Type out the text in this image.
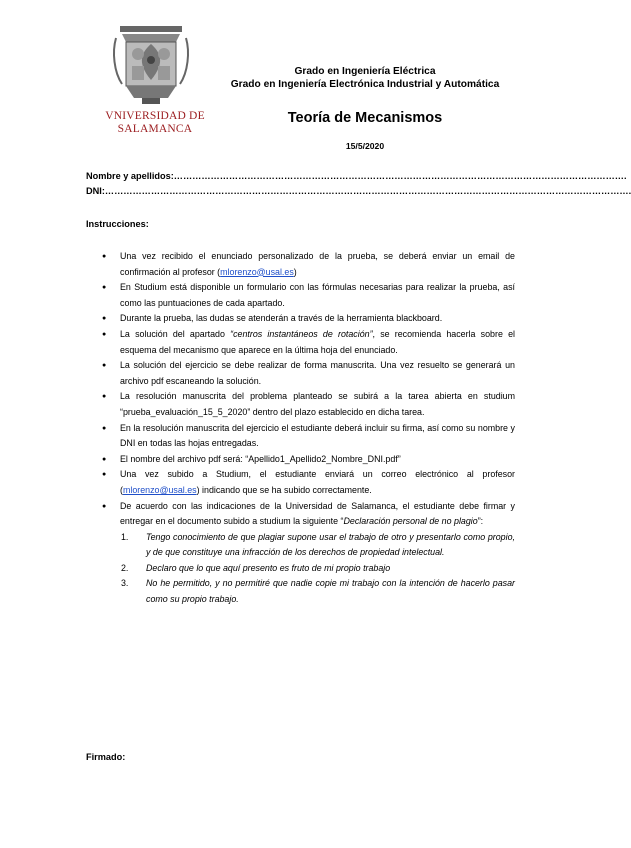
VNIVERSIDAD DE
SALAMANCA
Grado en Ingeniería Eléctrica
Grado en Ingeniería Electrónica Industrial y Automática
Teoría de Mecanismos
15/5/2020
Nombre y apellidos:………………………………………………………………………………………………………………………………….
DNI:……………………………………………………………………………………………………………………………………………………….
Instrucciones:
● Una vez recibido el enunciado personalizado de la prueba, se deberá enviar un email de confirmación al profesor (mlorenzo@usal.es)
● En Studium está disponible un formulario con las fórmulas necesarias para realizar la prueba, así como las puntuaciones de cada apartado.
● Durante la prueba, las dudas se atenderán a través de la herramienta blackboard.
● La solución del apartado “centros instantáneos de rotación”, se recomienda hacerla sobre el esquema del mecanismo que aparece en la última hoja del enunciado.
● La solución del ejercicio se debe realizar de forma manuscrita. Una vez resuelto se generará un archivo pdf escaneando la solución.
● La resolución manuscrita del problema planteado se subirá a la tarea abierta en studium “prueba_evaluación_15_5_2020” dentro del plazo establecido en dicha tarea.
● En la resolución manuscrita del ejercicio el estudiante deberá incluir su firma, así como su nombre y DNI en todas las hojas entregadas.
● El nombre del archivo pdf será: “Apellido1_Apellido2_Nombre_DNI.pdf”
● Una vez subido a Studium, el estudiante enviará un correo electrónico al profesor (mlorenzo@usal.es) indicando que se ha subido correctamente.
● De acuerdo con las indicaciones de la Universidad de Salamanca, el estudiante debe firmar y entregar en el documento subido a studium la siguiente “Declaración personal de no plagio”:
1. Tengo conocimiento de que plagiar supone usar el trabajo de otro y presentarlo como propio, y de que constituye una infracción de los derechos de propiedad intelectual.
2. Declaro que lo que aquí presento es fruto de mi propio trabajo
3. No he permitido, y no permitiré que nadie copie mi trabajo con la intención de hacerlo pasar como su propio trabajo.
Firmado:
